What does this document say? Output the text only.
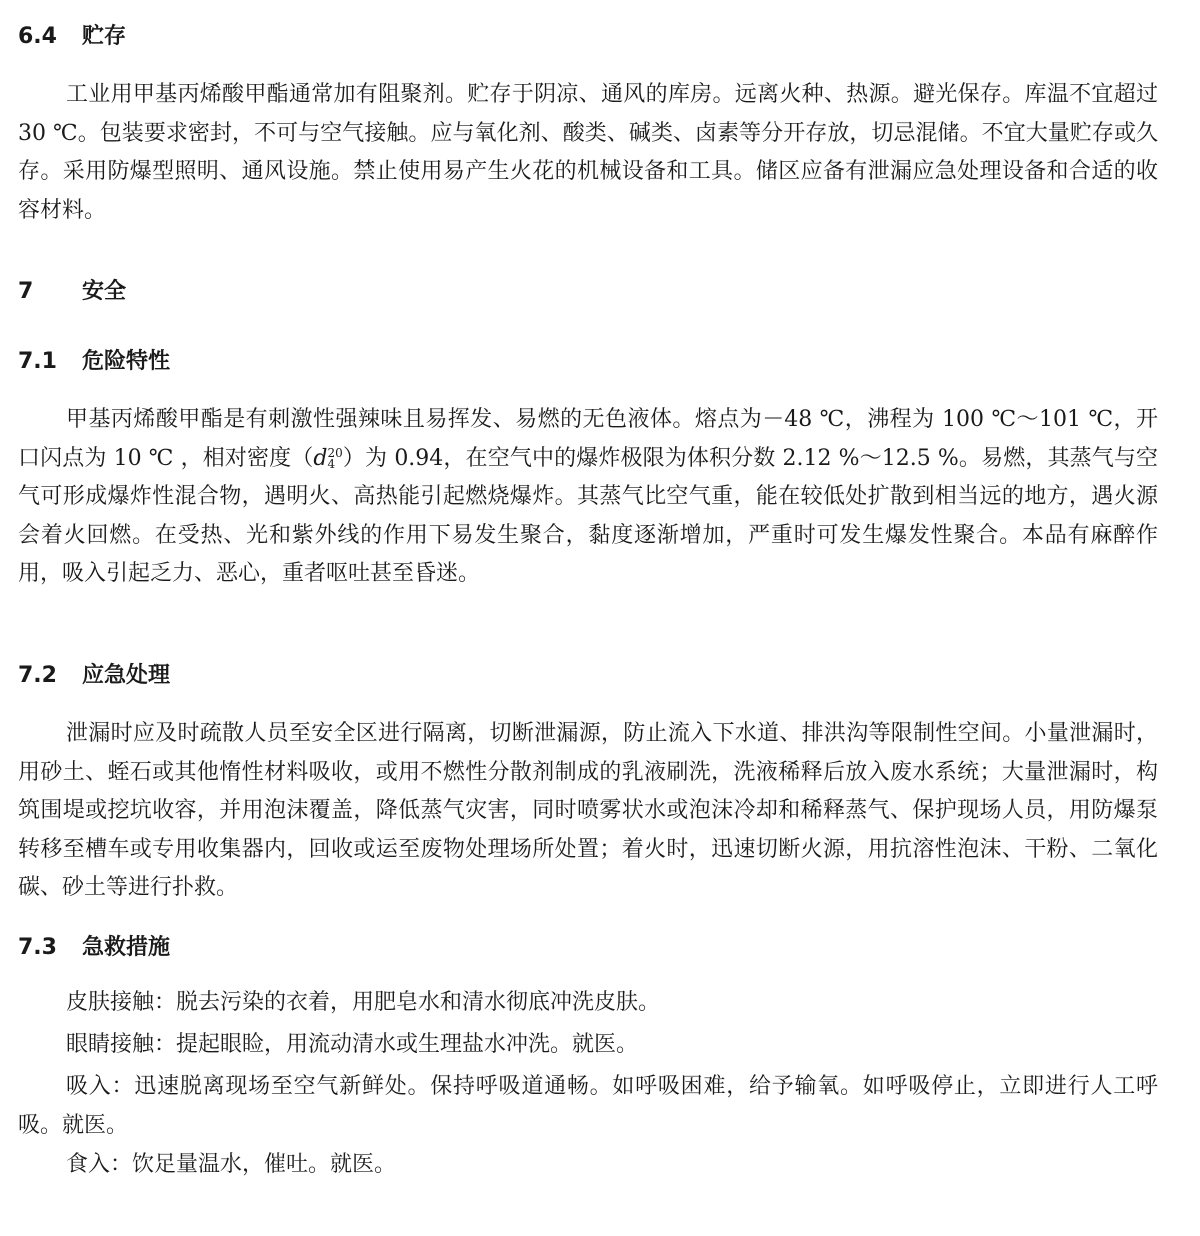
6.4 贮存

工业用甲基丙烯酸甲酯通常加有阻聚剂。贮存于阴凉、通风的库房。远离火种、热源。避光保存。库温不宜超过 30 ℃。包装要求密封，不可与空气接触。应与氧化剂、酸类、碱类、卤素等分开存放，切忌混储。不宜大量贮存或久存。采用防爆型照明、通风设施。禁止使用易产生火花的机械设备和工具。储区应备有泄漏应急处理设备和合适的收容材料。

7 安全
7.1 危险特性

甲基丙烯酸甲酯是有刺激性强辣味且易挥发、易燃的无色液体。熔点为－48 ℃，沸程为 100 ℃～101 ℃，开口闪点为 10 ℃ ，相对密度（d 20
4 ）为 0.94，在空气中的爆炸极限为体积分数 2.12 %～12.5 %。易燃，其蒸气与空气可形成爆炸性混合物，遇明火、高热能引起燃烧爆炸。其蒸气比空气重，能在较低处扩散到相当远的地方，遇火源会着火回燃。在受热、光和紫外线的作用下易发生聚合，黏度逐渐增加，严重时可发生爆发性聚合。本品有麻醉作用，吸入引起乏力、恶心，重者呕吐甚至昏迷。

7.2 应急处理

泄漏时应及时疏散人员至安全区进行隔离，切断泄漏源，防止流入下水道、排洪沟等限制性空间。小量泄漏时，用砂土、蛭石或其他惰性材料吸收，或用不燃性分散剂制成的乳液刷洗，洗液稀释后放入废水系统；大量泄漏时，构筑围堤或挖坑收容，并用泡沫覆盖，降低蒸气灾害，同时喷雾状水或泡沫冷却和稀释蒸气、保护现场人员，用防爆泵转移至槽车或专用收集器内，回收或运至废物处理场所处置；着火时，迅速切断火源，用抗溶性泡沫、干粉、二氧化碳、砂土等进行扑救。

7.3 急救措施
皮肤接触：脱去污染的衣着，用肥皂水和清水彻底冲洗皮肤。
眼睛接触：提起眼睑，用流动清水或生理盐水冲洗。就医。

吸入：迅速脱离现场至空气新鲜处。保持呼吸道通畅。如呼吸困难，给予输氧。如呼吸停止，立即进行人工呼吸。就医。

食入：饮足量温水，催吐。就医。
